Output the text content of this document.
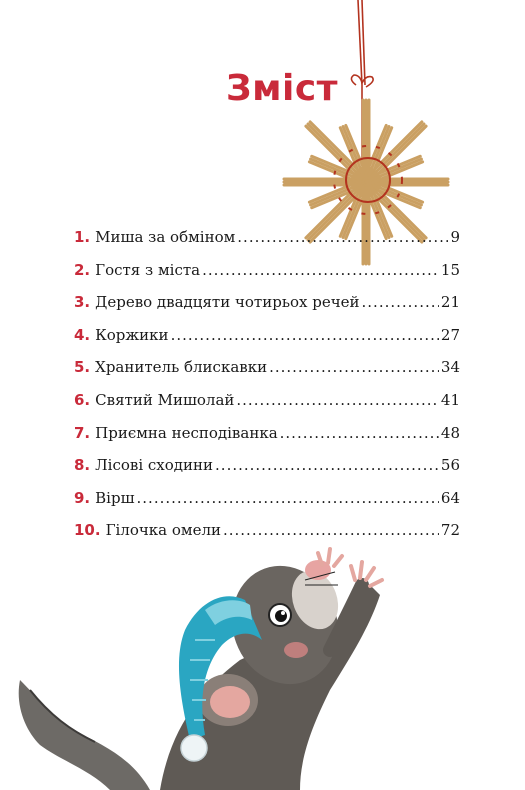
Зміст
1. Миша за обміном .....	9
2. Гостя з міста .....	15
3. Дерево двадцяти чотирьох речей .....	21
4. Коржики .....	27
5. Хранитель блискавки .....	34
6. Святий Мишолай .....	41
7. Приємна несподіванка .....	48
8. Лісові сходини .....	56
9. Вірш .....	64
10. Гілочка омели .....	72
